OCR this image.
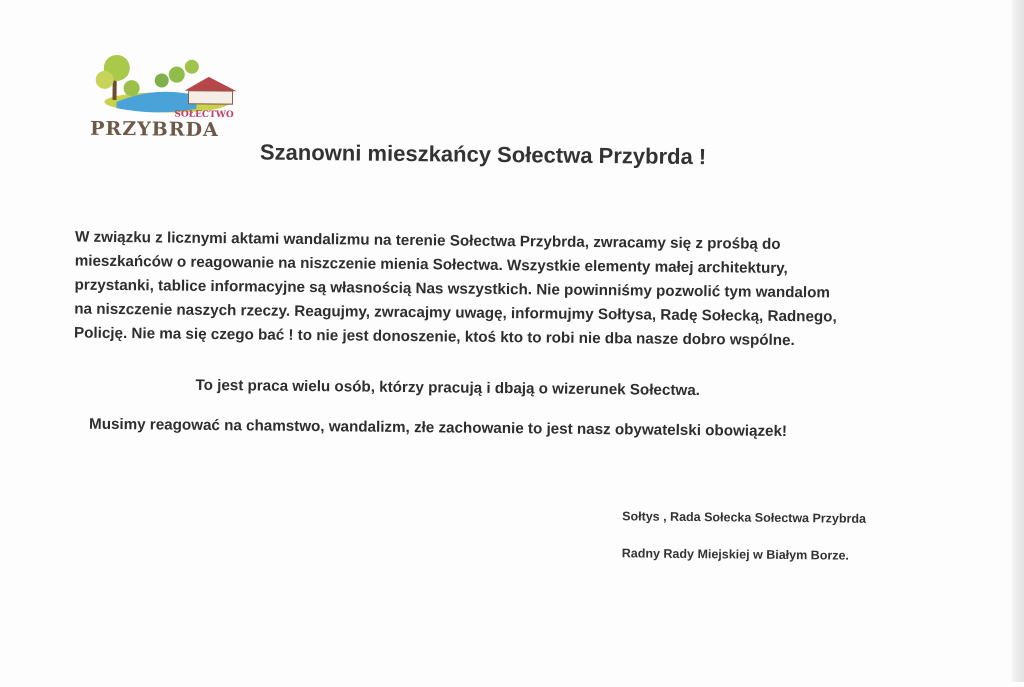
SOŁECTWO
PRZYBRDA
Szanowni mieszkańcy Sołectwa Przybrda !
W związku z licznymi aktami wandalizmu na terenie Sołectwa Przybrda, zwracamy się z prośbą do
mieszkańców o reagowanie na niszczenie mienia Sołectwa. Wszystkie elementy małej architektury,
przystanki, tablice informacyjne są własnością Nas wszystkich. Nie powinniśmy pozwolić tym wandalom
na niszczenie naszych rzeczy. Reagujmy, zwracajmy uwagę, informujmy Sołtysa, Radę Sołecką, Radnego,
Policję. Nie ma się czego bać ! to nie jest donoszenie, ktoś kto to robi nie dba nasze dobro wspólne.
To jest praca wielu osób, którzy pracują i dbają o wizerunek Sołectwa.
Musimy reagować na chamstwo, wandalizm, złe zachowanie to jest nasz obywatelski obowiązek!
Sołtys , Rada Sołecka Sołectwa Przybrda
Radny Rady Miejskiej w Białym Borze.
